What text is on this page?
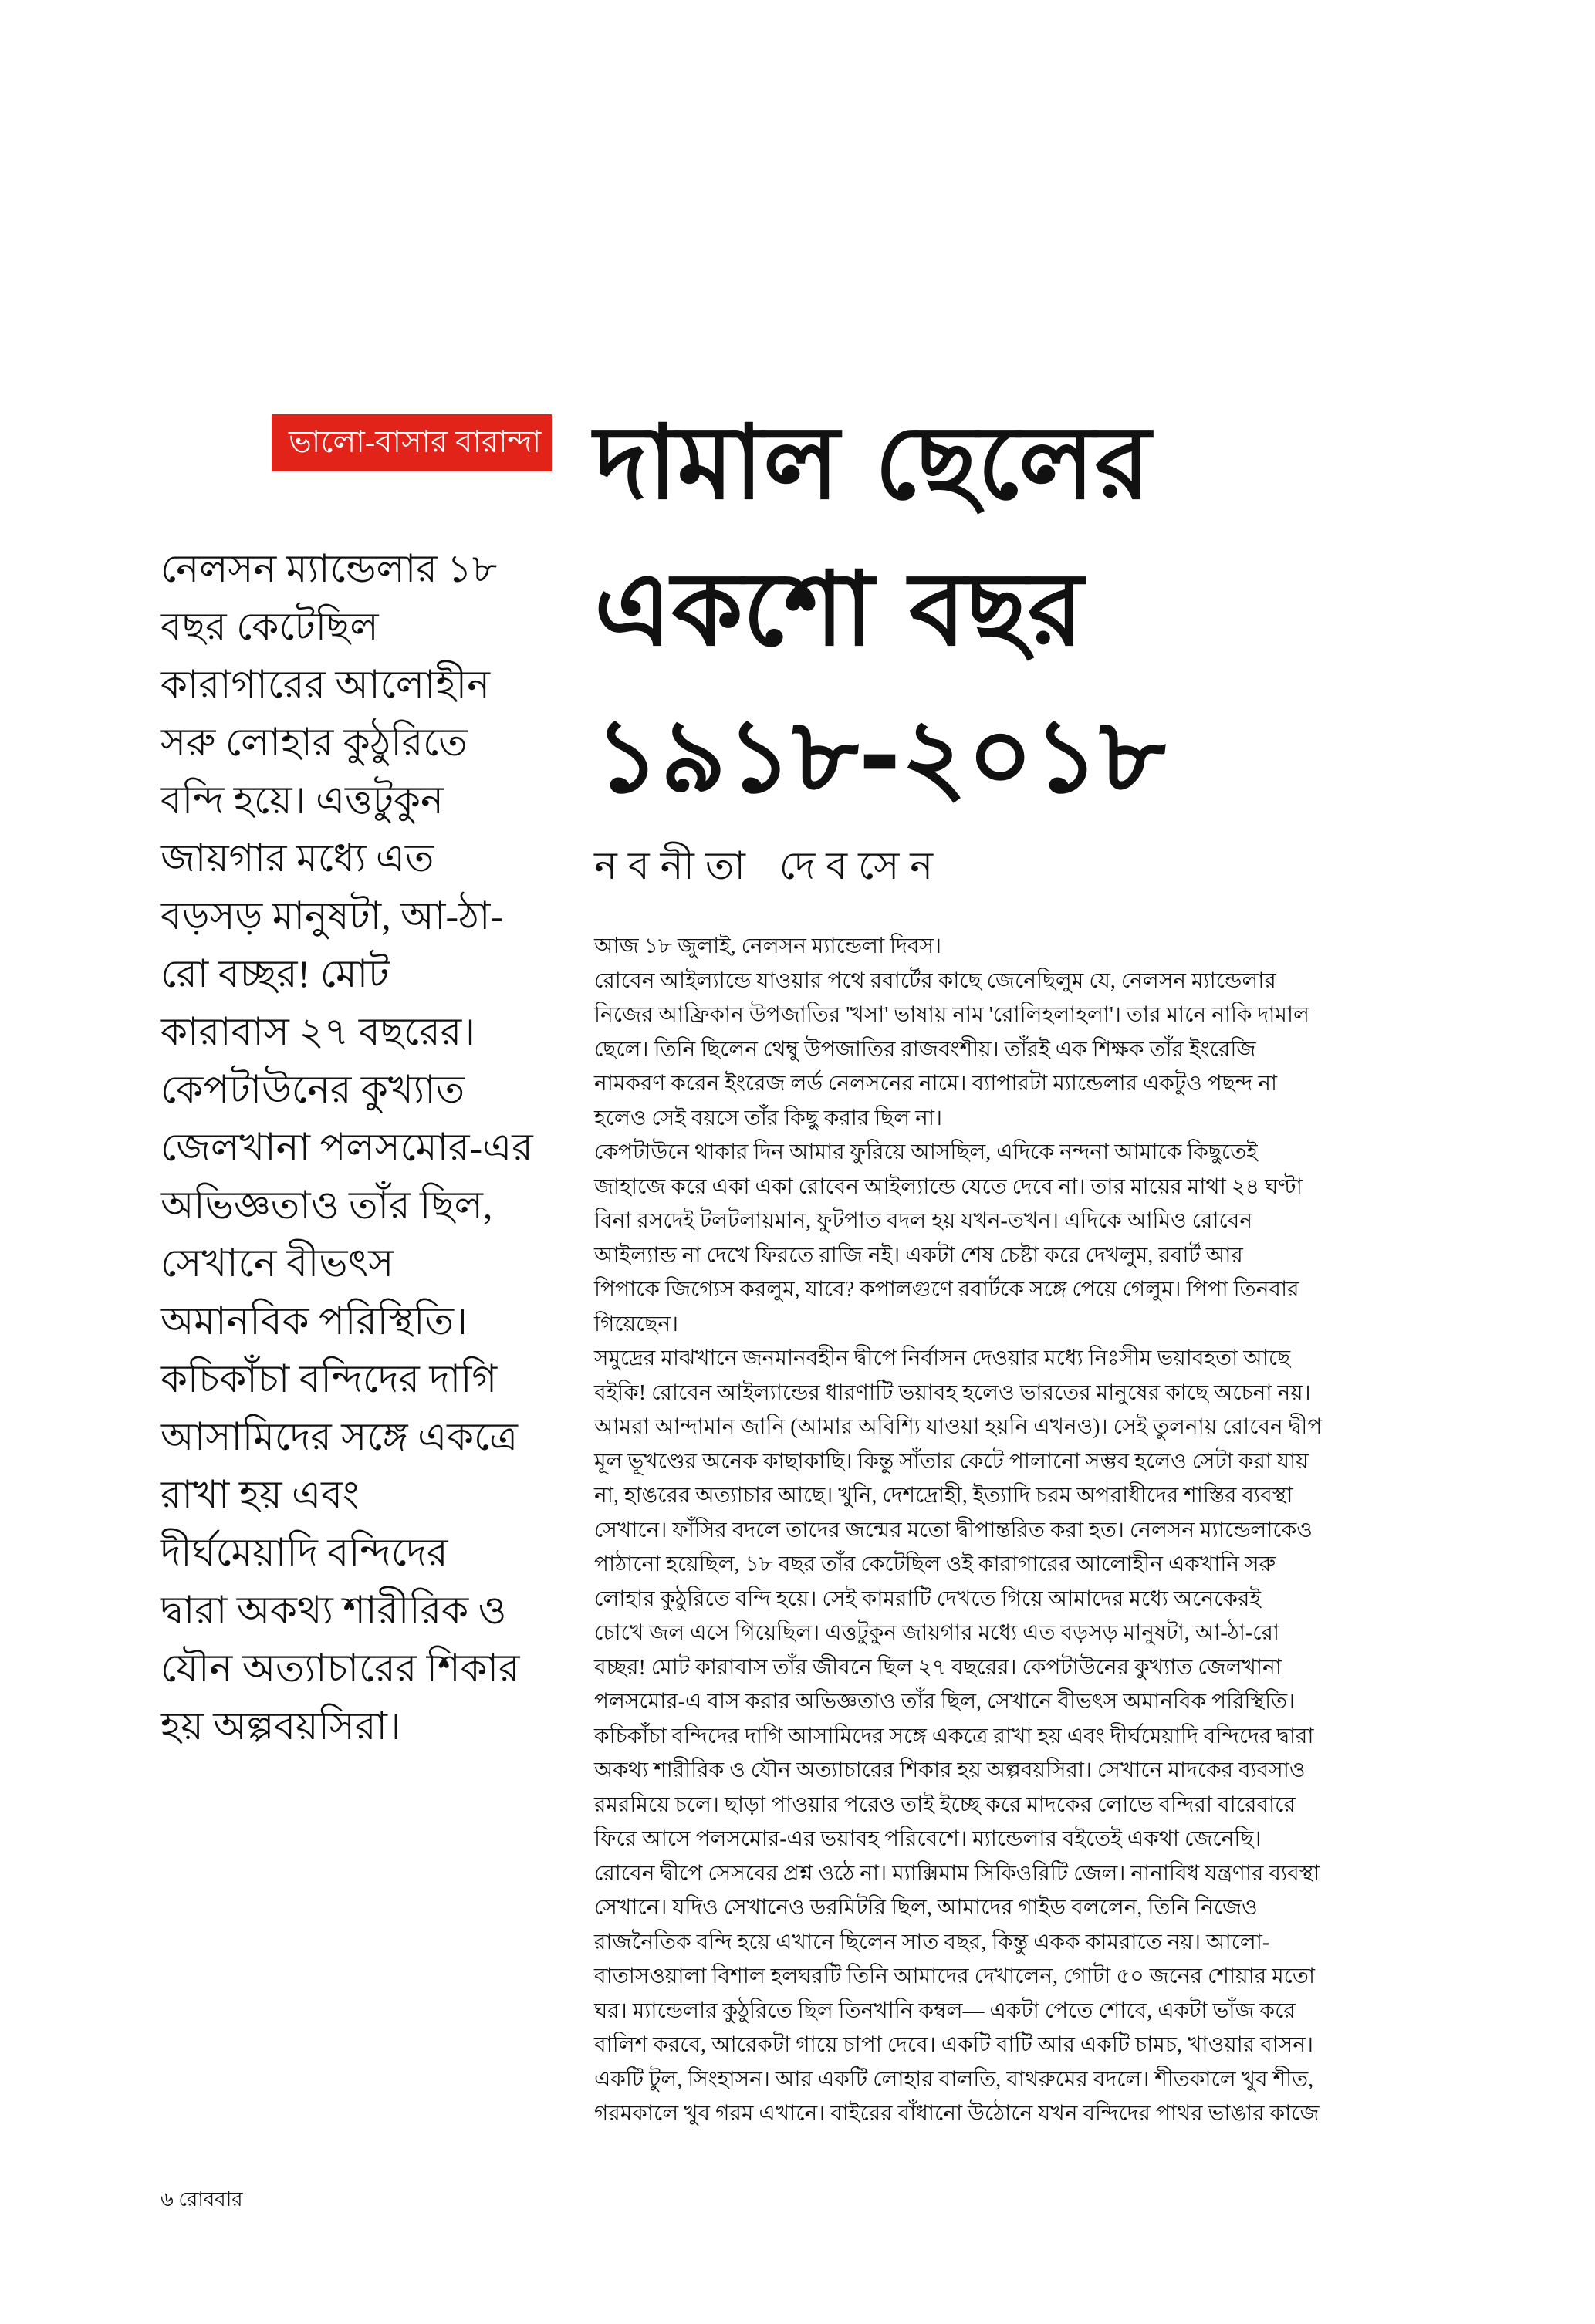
ভালো-বাসার বারান্দা দামাল ছেলের
একশো বছর
১৯১৮-২০১৮
নবনীতা দেবসেন
নেলসন ম্যান্ডেলার ১৮
বছর কেটেছিল
কারাগারের আলোহীন
সরু লোহার কুঠুরিতে
বন্দি হয়ে। এত্তটুকুন
জায়গার মধ্যে এত
বড়সড় মানুষটা, আ-ঠা-
রো বচ্ছর! মোট
কারাবাস ২৭ বছরের।
কেপটাউনের কুখ্যাত
জেলখানা পলসমোর-এর
অভিজ্ঞতাও তাঁর ছিল,
সেখানে বীভৎস
অমানবিক পরিস্থিতি।
কচিকাঁচা বন্দিদের দাগি
আসামিদের সঙ্গে একত্রে
রাখা হয় এবং
দীর্ঘমেয়াদি বন্দিদের
দ্বারা অকথ্য শারীরিক ও
যৌন অত্যাচারের শিকার
হয় অল্পবয়সিরা।
আজ ১৮ জুলাই, নেলসন ম্যান্ডেলা দিবস।
রোবেন আইল্যান্ডে যাওয়ার পথে রবার্টের কাছে জেনেছিলুম যে, নেলসন ম্যান্ডেলার
নিজের আফ্রিকান উপজাতির 'খসা' ভাষায় নাম 'রোলিহলাহলা'। তার মানে নাকি দামাল
ছেলে। তিনি ছিলেন থেম্বু উপজাতির রাজবংশীয়। তাঁরই এক শিক্ষক তাঁর ইংরেজি
নামকরণ করেন ইংরেজ লর্ড নেলসনের নামে। ব্যাপারটা ম্যান্ডেলার একটুও পছন্দ না
হলেও সেই বয়সে তাঁর কিছু করার ছিল না।
কেপটাউনে থাকার দিন আমার ফুরিয়ে আসছিল, এদিকে নন্দনা আমাকে কিছুতেই
জাহাজে করে একা একা রোবেন আইল্যান্ডে যেতে দেবে না। তার মায়ের মাথা ২৪ ঘণ্টা
বিনা রসদেই টলটলায়মান, ফুটপাত বদল হয় যখন-তখন। এদিকে আমিও রোবেন
আইল্যান্ড না দেখে ফিরতে রাজি নই। একটা শেষ চেষ্টা করে দেখলুম, রবার্ট আর
পিপাকে জিগ্যেস করলুম, যাবে? কপালগুণে রবার্টকে সঙ্গে পেয়ে গেলুম। পিপা তিনবার
গিয়েছেন।
সমুদ্রের মাঝখানে জনমানবহীন দ্বীপে নির্বাসন দেওয়ার মধ্যে নিঃসীম ভয়াবহতা আছে
বইকি! রোবেন আইল্যান্ডের ধারণাটি ভয়াবহ হলেও ভারতের মানুষের কাছে অচেনা নয়।
আমরা আন্দামান জানি (আমার অবিশ্যি যাওয়া হয়নি এখনও)। সেই তুলনায় রোবেন দ্বীপ
মূল ভূখণ্ডের অনেক কাছাকাছি। কিন্তু সাঁতার কেটে পালানো সম্ভব হলেও সেটা করা যায়
না, হাঙরের অত্যাচার আছে। খুনি, দেশদ্রোহী, ইত্যাদি চরম অপরাধীদের শাস্তির ব্যবস্থা
সেখানে। ফাঁসির বদলে তাদের জন্মের মতো দ্বীপান্তরিত করা হত। নেলসন ম্যান্ডেলাকেও
পাঠানো হয়েছিল, ১৮ বছর তাঁর কেটেছিল ওই কারাগারের আলোহীন একখানি সরু
লোহার কুঠুরিতে বন্দি হয়ে। সেই কামরাটি দেখতে গিয়ে আমাদের মধ্যে অনেকেরই
চোখে জল এসে গিয়েছিল। এত্তটুকুন জায়গার মধ্যে এত বড়সড় মানুষটা, আ-ঠা-রো
বচ্ছর! মোট কারাবাস তাঁর জীবনে ছিল ২৭ বছরের। কেপটাউনের কুখ্যাত জেলখানা
পলসমোর-এ বাস করার অভিজ্ঞতাও তাঁর ছিল, সেখানে বীভৎস অমানবিক পরিস্থিতি।
কচিকাঁচা বন্দিদের দাগি আসামিদের সঙ্গে একত্রে রাখা হয় এবং দীর্ঘমেয়াদি বন্দিদের দ্বারা
অকথ্য শারীরিক ও যৌন অত্যাচারের শিকার হয় অল্পবয়সিরা। সেখানে মাদকের ব্যবসাও
রমরমিয়ে চলে। ছাড়া পাওয়ার পরেও তাই ইচ্ছে করে মাদকের লোভে বন্দিরা বারেবারে
ফিরে আসে পলসমোর-এর ভয়াবহ পরিবেশে। ম্যান্ডেলার বইতেই একথা জেনেছি।
রোবেন দ্বীপে সেসবের প্রশ্ন ওঠে না। ম্যাক্সিমাম সিকিওরিটি জেল। নানাবিধ যন্ত্রণার ব্যবস্থা
সেখানে। যদিও সেখানেও ডরমিটরি ছিল, আমাদের গাইড বললেন, তিনি নিজেও
রাজনৈতিক বন্দি হয়ে এখানে ছিলেন সাত বছর, কিন্তু একক কামরাতে নয়। আলো-
বাতাসওয়ালা বিশাল হলঘরটি তিনি আমাদের দেখালেন, গোটা ৫০ জনের শোয়ার মতো
ঘর। ম্যান্ডেলার কুঠুরিতে ছিল তিনখানি কম্বল— একটা পেতে শোবে, একটা ভাঁজ করে
বালিশ করবে, আরেকটা গায়ে চাপা দেবে। একটি বাটি আর একটি চামচ, খাওয়ার বাসন।
একটি টুল, সিংহাসন। আর একটি লোহার বালতি, বাথরুমের বদলে। শীতকালে খুব শীত,
গরমকালে খুব গরম এখানে। বাইরের বাঁধানো উঠোনে যখন বন্দিদের পাথর ভাঙার কাজে
৬ রোববার
